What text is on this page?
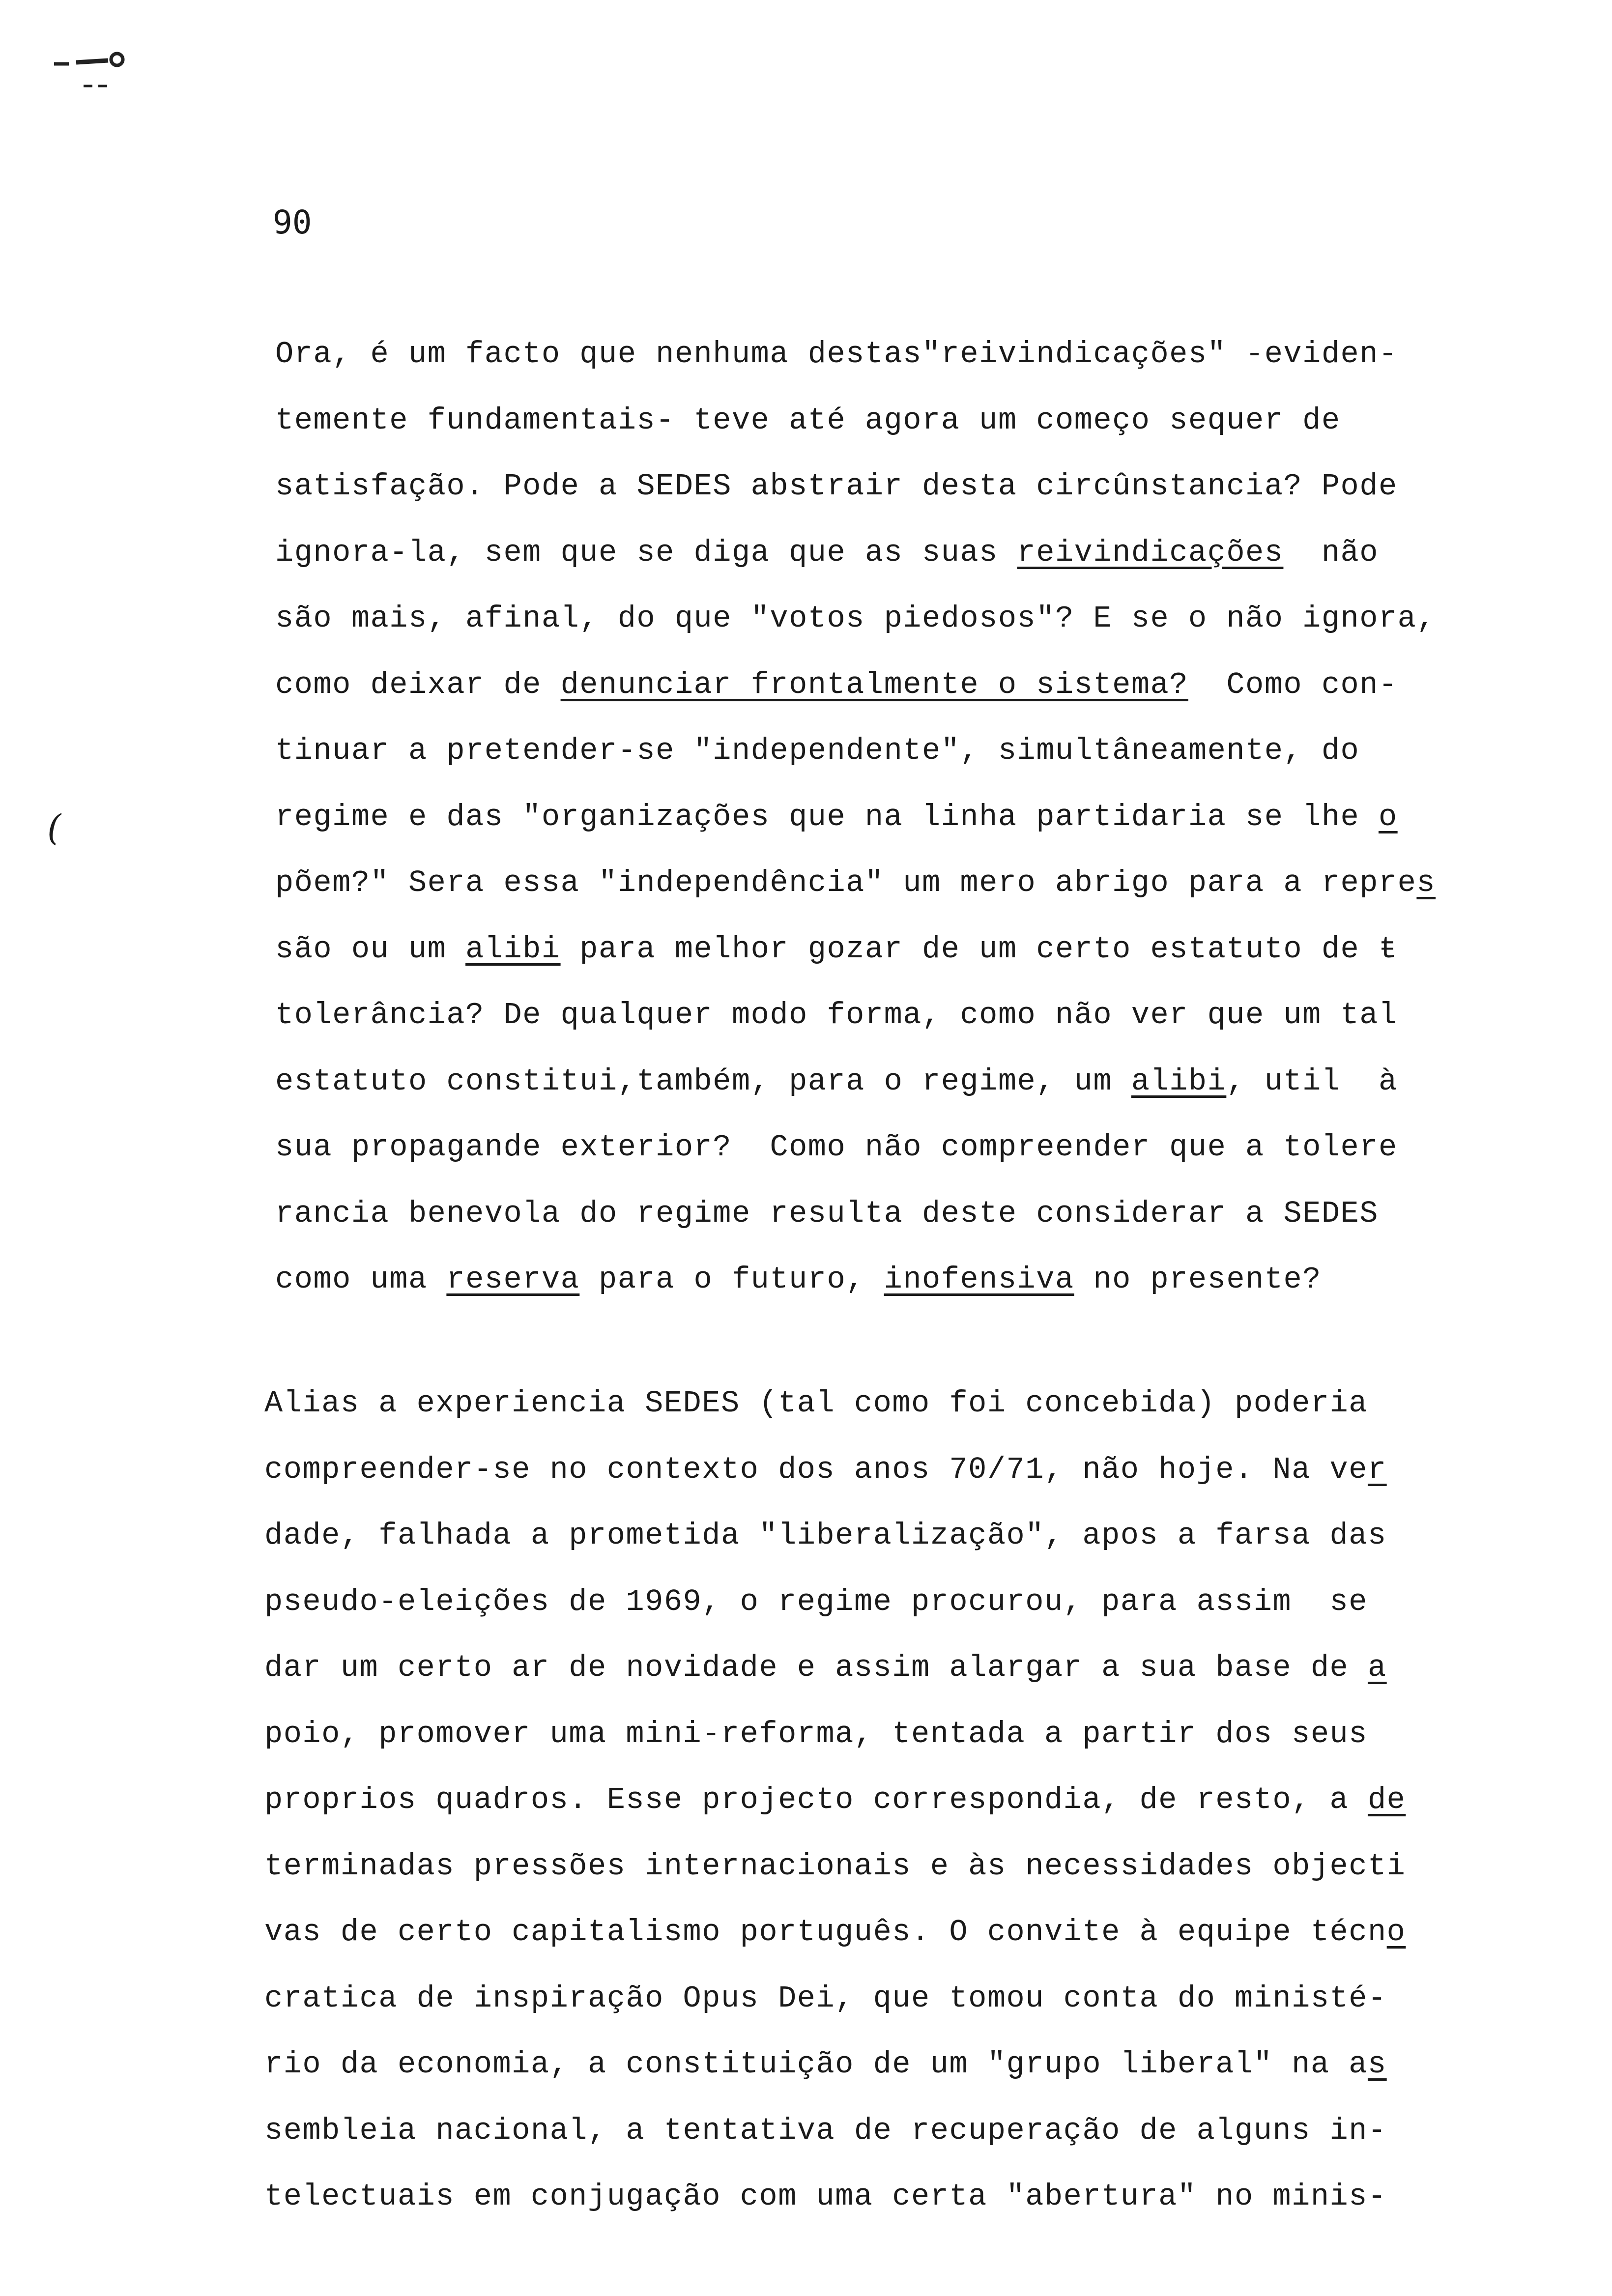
90
(
Ora, é um facto que nenhuma destas"reivindicações" -eviden-
temente fundamentais- teve até agora um começo sequer de
satisfação. Pode a SEDES abstrair desta circûnstancia? Pode
ignora-la, sem que se diga que as suas reivindicações  não
são mais, afinal, do que "votos piedosos"? E se o não ignora,
como deixar de denunciar frontalmente o sistema?  Como con-
tinuar a pretender-se "independente", simultâneamente, do
regime e das "organizações que na linha partidaria se lhe o
põem?" Sera essa "independência" um mero abrigo para a repres
são ou um alibi para melhor gozar de um certo estatuto de ŧ
tolerância? De qualquer modo forma, como não ver que um tal
estatuto constitui,também, para o regime, um alibi, util  à
sua propagande exterior?  Como não compreender que a tolere
rancia benevola do regime resulta deste considerar a SEDES
como uma reserva para o futuro, inofensiva no presente?
Alias a experiencia SEDES (tal como foi concebida) poderia
compreender-se no contexto dos anos 70/71, não hoje. Na ver
dade, falhada a prometida "liberalização", apos a farsa das
pseudo-eleições de 1969, o regime procurou, para assim  se
dar um certo ar de novidade e assim alargar a sua base de a
poio, promover uma mini-reforma, tentada a partir dos seus
proprios quadros. Esse projecto correspondia, de resto, a de
terminadas pressões internacionais e às necessidades objecti
vas de certo capitalismo português. O convite à equipe técno
cratica de inspiração Opus Dei, que tomou conta do ministé-
rio da economia, a constituição de um "grupo liberal" na as
sembleia nacional, a tentativa de recuperação de alguns in-
telectuais em conjugação com uma certa "abertura" no minis-
